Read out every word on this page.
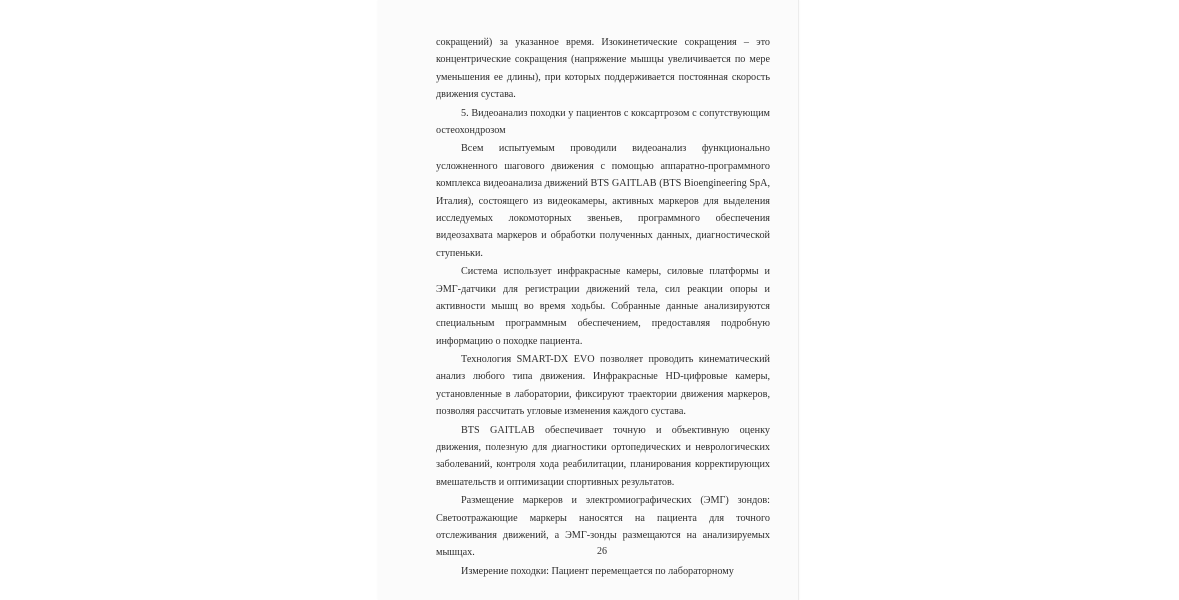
сокращений) за указанное время. Изокинетические сокращения – это концентрические сокращения (напряжение мышцы увеличивается по мере уменьшения ее длины), при которых поддерживается постоянная скорость движения сустава.

5. Видеоанализ походки у пациентов с коксартрозом с сопутствующим остеохондрозом

Всем испытуемым проводили видеоанализ функционально усложненного шагового движения с помощью аппаратно-программного комплекса видеоанализа движений BTS GAITLAB (BTS Bioengineering SpA, Италия), состоящего из видеокамеры, активных маркеров для выделения исследуемых локомоторных звеньев, программного обеспечения видеозахвата маркеров и обработки полученных данных, диагностической ступеньки.

Система использует инфракрасные камеры, силовые платформы и ЭМГ-датчики для регистрации движений тела, сил реакции опоры и активности мышц во время ходьбы. Собранные данные анализируются специальным программным обеспечением, предоставляя подробную информацию о походке пациента.

Технология SMART-DX EVO позволяет проводить кинематический анализ любого типа движения. Инфракрасные HD-цифровые камеры, установленные в лаборатории, фиксируют траектории движения маркеров, позволяя рассчитать угловые изменения каждого сустава.

BTS GAITLAB обеспечивает точную и объективную оценку движения, полезную для диагностики ортопедических и неврологических заболеваний, контроля хода реабилитации, планирования корректирующих вмешательств и оптимизации спортивных результатов.

Размещение маркеров и электромиографических (ЭМГ) зондов: Светоотражающие маркеры наносятся на пациента для точного отслеживания движений, а ЭМГ-зонды размещаются на анализируемых мышцах.

Измерение походки: Пациент перемещается по лабораторному

26
